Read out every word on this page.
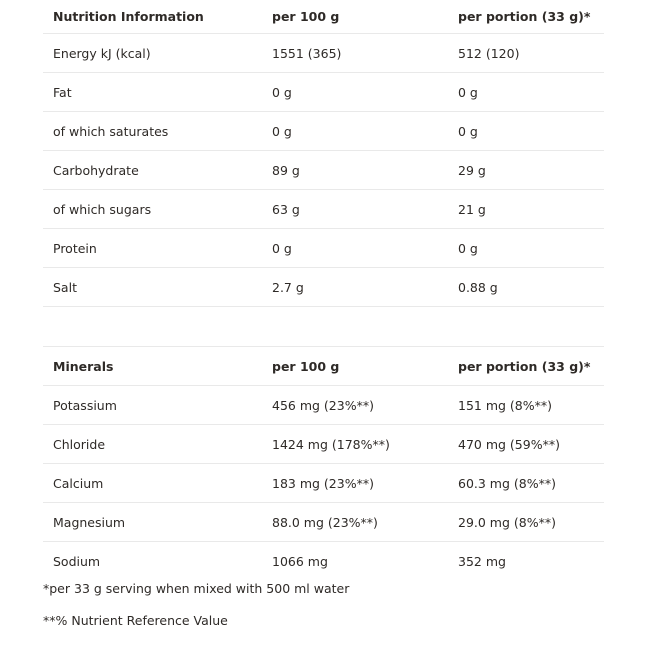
Nutrition Information	per 100 g	per portion (33 g)*
Energy kJ (kcal)	1551 (365)	512 (120)
Fat	0 g	0 g
of which saturates	0 g	0 g
Carbohydrate	89 g	29 g
of which sugars	63 g	21 g
Protein	0 g	0 g
Salt	2.7 g	0.88 g
Minerals	per 100 g	per portion (33 g)*
Potassium	456 mg (23%**)	151 mg (8%**)
Chloride	1424 mg (178%**)	470 mg (59%**)
Calcium	183 mg (23%**)	60.3 mg (8%**)
Magnesium	88.0 mg (23%**)	29.0 mg (8%**)
Sodium	1066 mg	352 mg
*per 33 g serving when mixed with 500 ml water
**% Nutrient Reference Value
